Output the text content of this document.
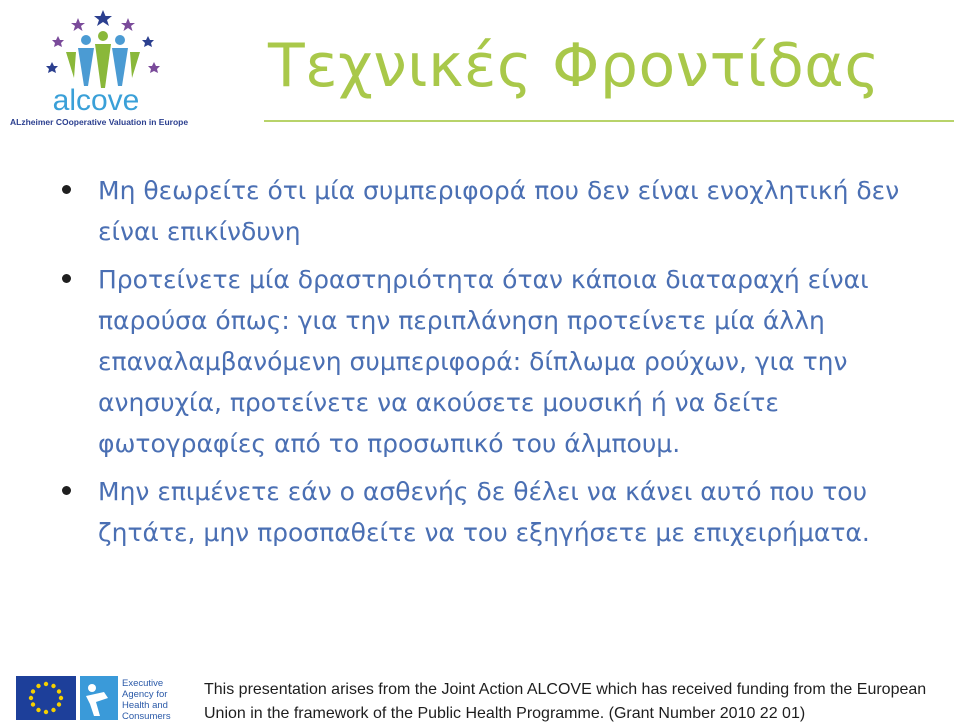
alcove
ALzheimer COoperative Valuation in Europe
Τεχνικές Φροντίδας
Μη θεωρείτε ότι μία συμπεριφορά που δεν είναι ενοχλητική δεν είναι επικίνδυνη
Προτείνετε μία δραστηριότητα όταν κάποια διαταραχή είναι παρούσα όπως: για την περιπλάνηση προτείνετε μία άλλη επαναλαμβανόμενη συμπεριφορά: δίπλωμα ρούχων, για την ανησυχία, προτείνετε να ακούσετε μουσική ή να δείτε φωτογραφίες από το προσωπικό του άλμπουμ.
Μην επιμένετε εάν ο ασθενής δε θέλει να κάνει αυτό που του ζητάτε, μην προσπαθείτε να του εξηγήσετε με επιχειρήματα.
Executive
Agency for
Health and
Consumers
This presentation arises from the Joint Action ALCOVE which has received funding from the European
Union in the framework of the Public Health Programme. (Grant Number 2010 22 01)
